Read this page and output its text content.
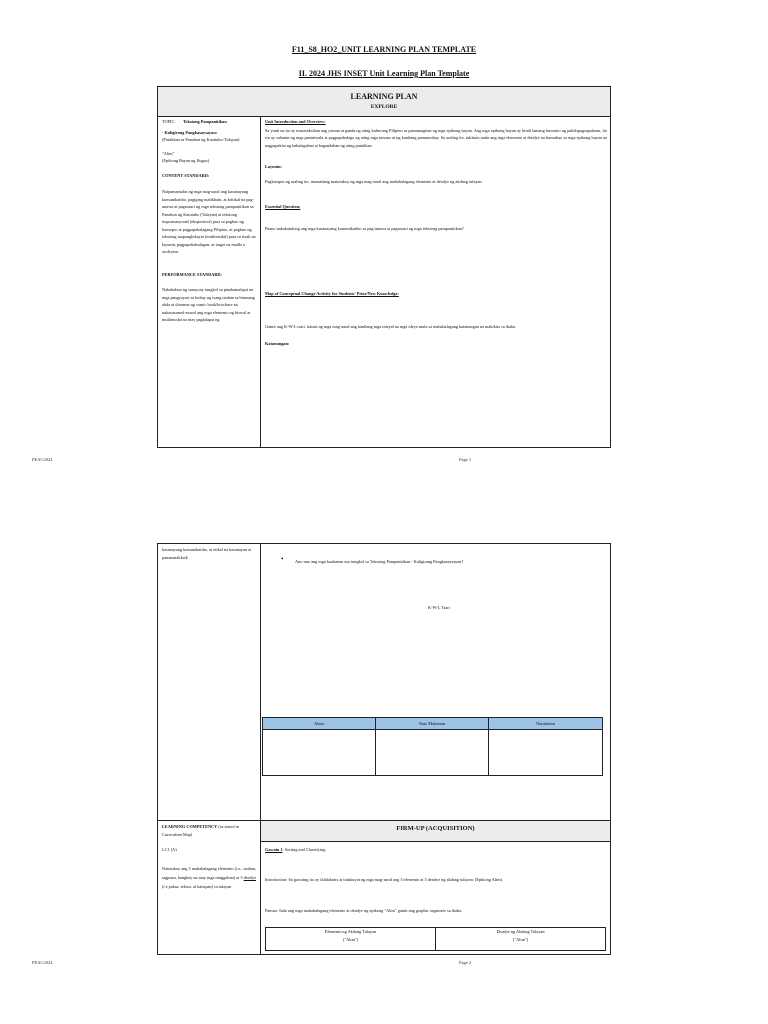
F11_S8_HO2_UNIT LEARNING PLAN TEMPLATE
II. 2024 JHS INSET Unit Learning Plan Template
LEARNING PLAN
EXPLORE
TOPIC: Tekstong Pampanitikan
- Kaligirang Pangkasaysayan:
(Panitikan sa Panahon ng Katutubo-Tulayan)
"Alim"
(Epikong Bayan ng Ifugao)
CONTENT STANDARD:
Naipamamalas ng mga mag-aaral ang kasanayang komunikatibo, pagiging malikhain, at kritikal na pag-unawa at pagsusuri ng mga tekstong pampanitikan sa Panahon ng Katutubo (Tulayan) at tekstong impormasyonal (ekspositori) para sa pagbuo ng konsepto at pagpapahalagang Pilipino, at pagbuo ng tekstong mapanghikayat (multimodal) para sa tiyak na layunin, pagpapakahulugan, at target na madla o awdiyens.
PERFORMANCE STANDARD:
Nakabubuo ng sanaysay tungkol sa pinakamalapit na mga pangyayari sa buhay ng isang tauhan sa binasang akda at diorama ng comic book/brochure na nakasusunod-sunod ang mga elemento ng biswal at multimodal na may paglalapat ng
Unit Introduction and Overview:
Sa yunit na ito ay masasaksihan ang yaman at ganda ng ating kulturang Pilipino sa pamamagitan ng mga epikong bayan. Ang mga epikong bayan ay hindi lamang kuwento ng pakikipagsapalaran, ito rin ay salamin ng mga paniniwala at pagpapahalaga ng ating mga ninuno at ng kanilang pamumuhay. Sa araling ito, tuklasin natin ang mga elemento at detalye na bumubuo sa mga epikong bayan na nagpapakita ng kahalagahan at kagandahan ng ating panitikan.
Layunin:
Pagkatapos ng araling ito, inaasahang matutukoy ng mga mag-aaral ang mahahalagang elemento at detalye ng akdang tulayan.
Essential Question:
Paano nakakatulong ang mga kasanayang komunikatibo sa pag-unawa at pagsusuri ng mga tekstong pampanitikan?
Map of Conceptual Change Activity for Students' Prior/New Knowledge:
Gamit ang K-W-L tsart, itatala ng mga mag-aaral ang kanilang mga inisyal na mga ideya mula sa mahahalagang katanungan na makikita sa ibaba.
Katanungan:
PEAC2024	Page 1
kasanayang komunikatibo, at etikal na kasanayan at panananaliksik	•	Ano-ano ang mga kaalaman mo tungkol sa Tekstong Pampanitikan - Kaligirang Pangkasaysayan?
K-W-L Tsart
Alam	Nais Malaman	Natutuhan
LEARNING COMPETENCY (as stated in Curriculum Map)
LC1 (A)
Natutukoy ang 3 mahahalagang elemento (i.e., tauhan, tagpuan, banghay na may mga tunggalian) at 3 detalye (i.e paksa, teksto, at kaisipan) sa tulayan
FIRM-UP (ACQUISITION)
Gawain 1: Sorting and Classifying
Introduction: Sa gawaing ito ay iklafalanis at tutukuyin ng mga mag-aaral ang 3 elemento at 3 detalye ng akdang tulayan. (Epikong Alim).
Panuto: Itala ang mga mahahalagang elemento at detalye ng epikong "Alim" gamit ang graphic organizer sa ibaba.
Elemento ng Akdang Tulayan
("Alim")
Detalye ng Akdang Tulayan
("Alim")
PEAC2024	Page 2
